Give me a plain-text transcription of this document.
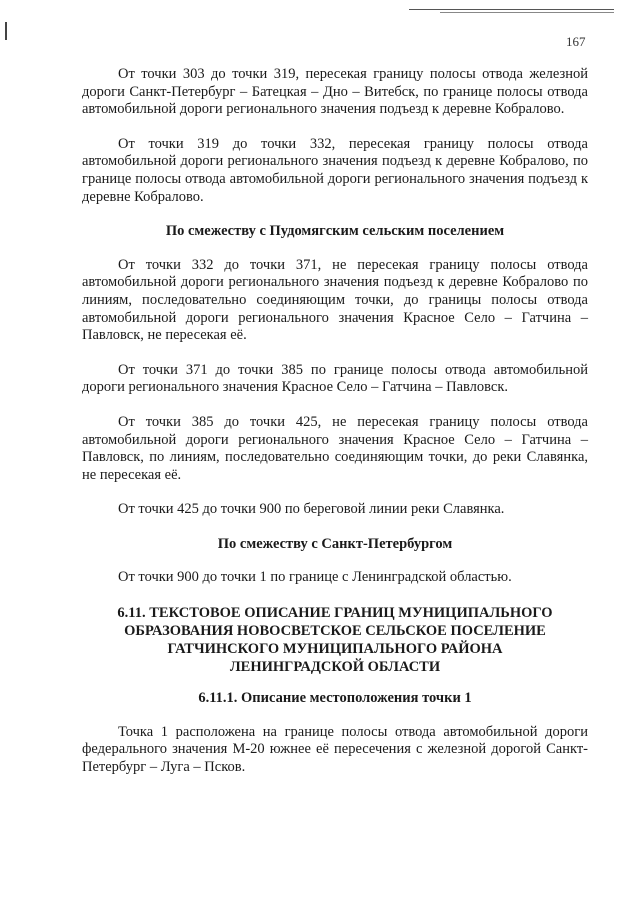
167

От точки 303 до точки 319, пересекая границу полосы отвода железной дороги Санкт-Петербург – Батецкая – Дно – Витебск, по границе полосы отвода автомобильной дороги регионального значения подъезд к деревне Кобралово.

От точки 319 до точки 332, пересекая границу полосы отвода автомобильной дороги регионального значения подъезд к деревне Кобралово, по границе полосы отвода автомобильной дороги регионального значения подъезд к деревне Кобралово.

По смежеству с Пудомягским сельским поселением

От точки 332 до точки 371, не пересекая границу полосы отвода автомобильной дороги регионального значения подъезд к деревне Кобралово по линиям, последовательно соединяющим точки, до границы полосы отвода автомобильной дороги регионального значения Красное Село – Гатчина – Павловск, не пересекая её.

От точки 371 до точки 385 по границе полосы отвода автомобильной дороги регионального значения Красное Село – Гатчина – Павловск.

От точки 385 до точки 425, не пересекая границу полосы отвода автомобильной дороги регионального значения Красное Село – Гатчина – Павловск, по линиям, последовательно соединяющим точки, до реки Славянка, не пересекая её.

От точки 425 до точки 900 по береговой линии реки Славянка.

По смежеству с Санкт-Петербургом

От точки 900 до точки 1 по границе с Ленинградской областью.

6.11. ТЕКСТОВОЕ ОПИСАНИЕ ГРАНИЦ МУНИЦИПАЛЬНОГО
ОБРАЗОВАНИЯ НОВОСВЕТСКОЕ СЕЛЬСКОЕ ПОСЕЛЕНИЕ
ГАТЧИНСКОГО МУНИЦИПАЛЬНОГО РАЙОНА
ЛЕНИНГРАДСКОЙ ОБЛАСТИ

6.11.1. Описание местоположения точки 1

Точка 1 расположена на границе полосы отвода автомобильной дороги федерального значения М-20 южнее её пересечения с железной дорогой Санкт-Петербург – Луга – Псков.
